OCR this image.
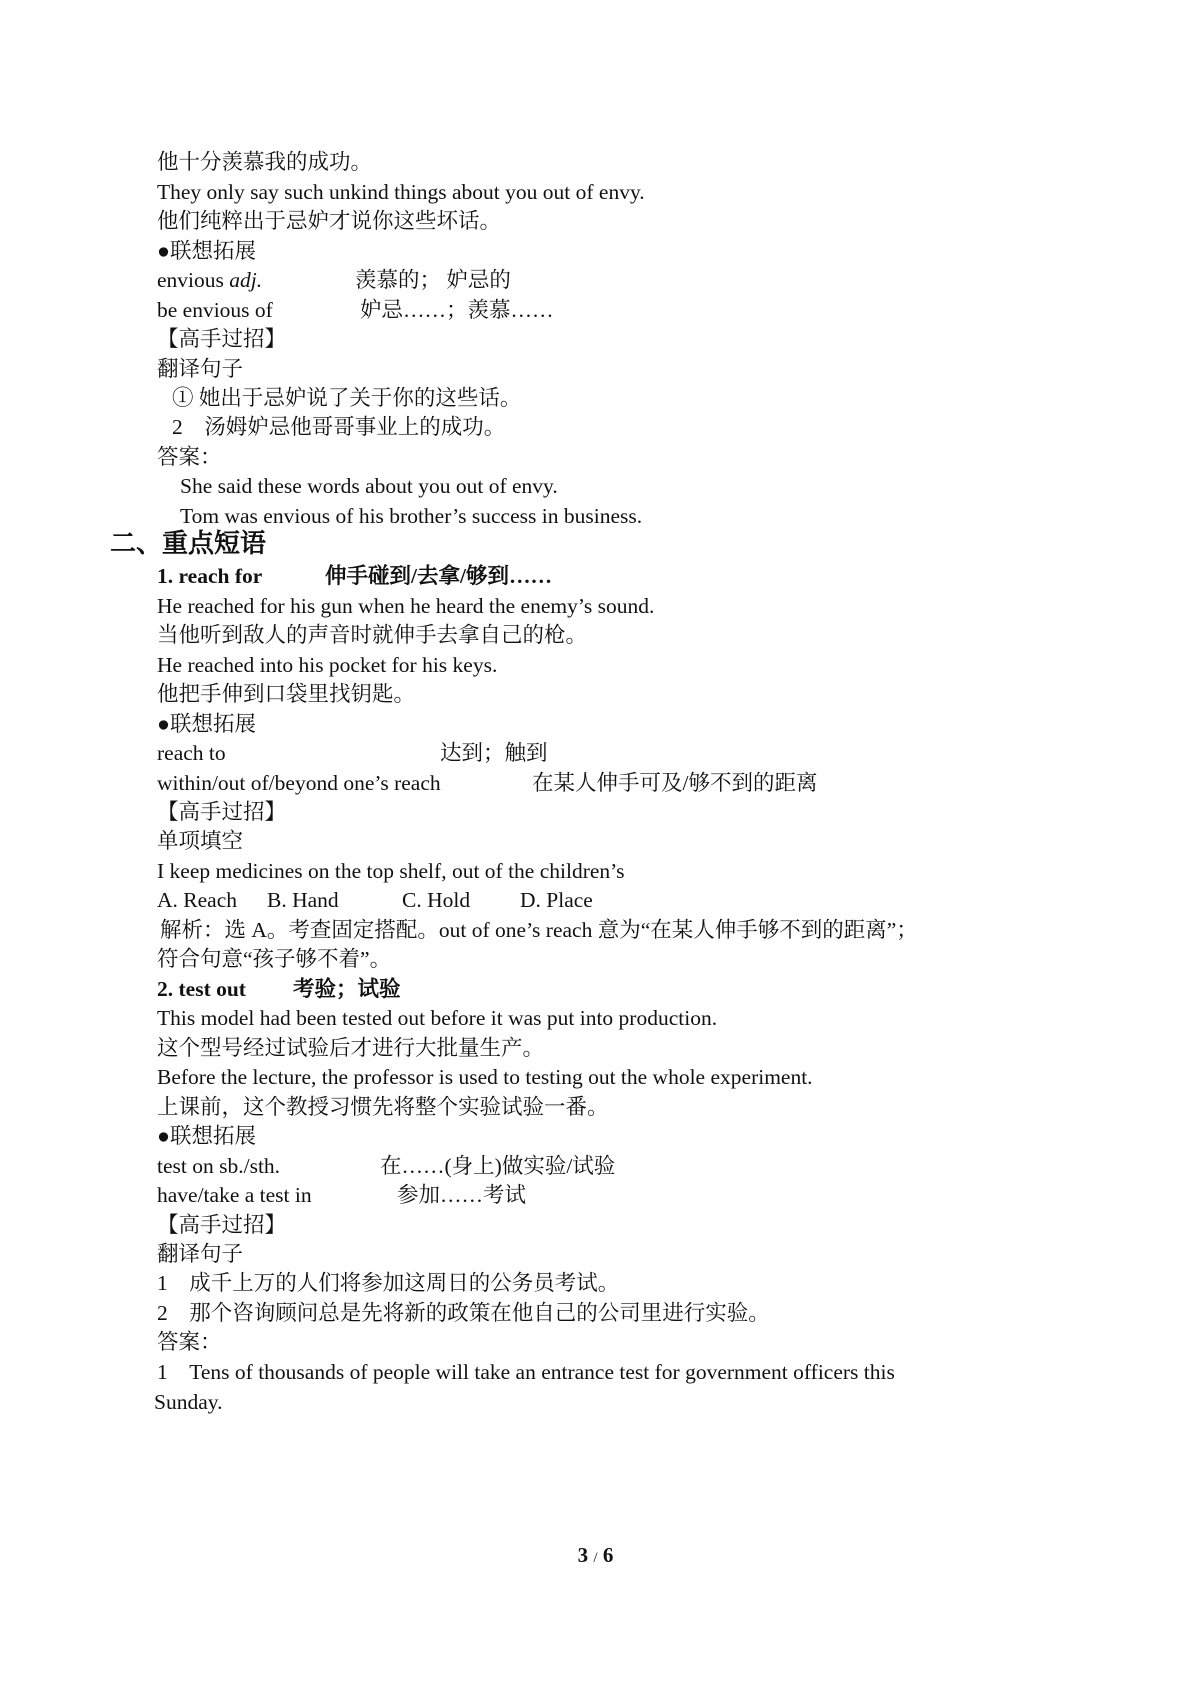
他十分羡慕我的成功。
They only say such unkind things about you out of envy.
他们纯粹出于忌妒才说你这些坏话。
●联想拓展
envious adj.	羡慕的； 妒忌的
be envious of	妒忌……；羡慕……
【高手过招】
翻译句子
① 她出于忌妒说了关于你的这些话。
2　汤姆妒忌他哥哥事业上的成功。
答案：
She said these words about you out of envy.
Tom was envious of his brother’s success in business.
二、重点短语
1. reach for	伸手碰到/去拿/够到……
He reached for his gun when he heard the enemy’s sound.
当他听到敌人的声音时就伸手去拿自己的枪。
He reached into his pocket for his keys.
他把手伸到口袋里找钥匙。
●联想拓展
reach to	达到；触到
within/out of/beyond one’s reach	在某人伸手可及/够不到的距离
【高手过招】
单项填空
I keep medicines on the top shelf, out of the children’s
A. Reach B. Hand	C. Hold D. Place
解析：选 A。考查固定搭配。out of one’s reach 意为“在某人伸手够不到的距离”；
符合句意“孩子够不着”。
2. test out 考验；试验
This model had been tested out before it was put into production.
这个型号经过试验后才进行大批量生产。
Before the lecture, the professor is used to testing out the whole experiment.
上课前，这个教授习惯先将整个实验试验一番。
●联想拓展
test on sb./sth.	在……(身上)做实验/试验
have/take a test in	参加……考试
【高手过招】
翻译句子
1　成千上万的人们将参加这周日的公务员考试。
2　那个咨询顾问总是先将新的政策在他自己的公司里进行实验。
答案：
1　Tens of thousands of people will take an entrance test for government officers this
Sunday.
3 / 6
